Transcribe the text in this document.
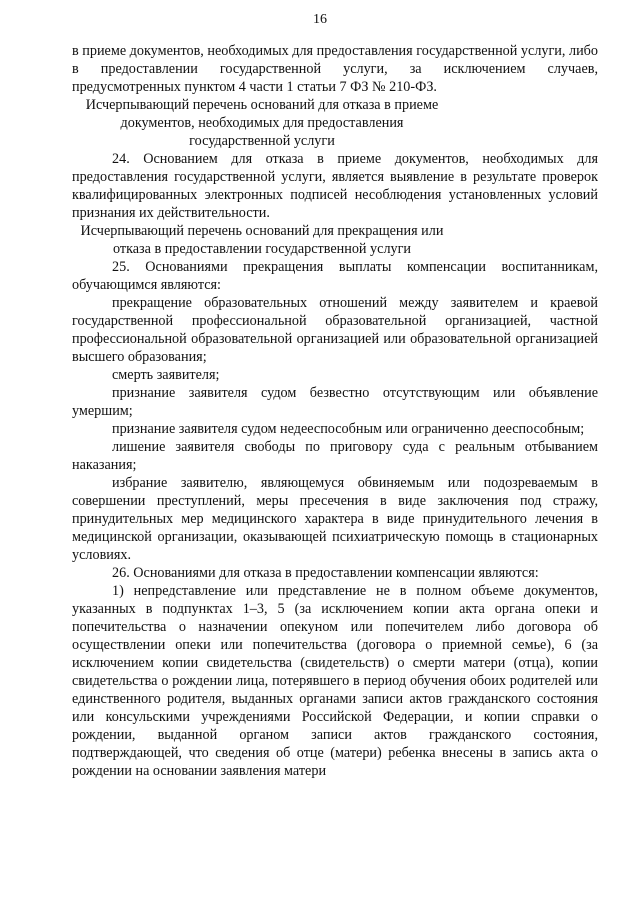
16

в приеме документов, необходимых для предоставления государственной услуги, либо в предоставлении государственной услуги, за исключением случаев, предусмотренных пунктом 4 части 1 статьи 7 ФЗ № 210-ФЗ.

Исчерпывающий перечень оснований для отказа в приеме документов, необходимых для предоставления государственной услуги

24. Основанием для отказа в приеме документов, необходимых для предоставления государственной услуги, является выявление в результате проверок квалифицированных электронных подписей несоблюдения установленных условий признания их действительности.

Исчерпывающий перечень оснований для прекращения или отказа в предоставлении государственной услуги

25. Основаниями прекращения выплаты компенсации воспитанникам, обучающимся являются:

прекращение образовательных отношений между заявителем и краевой государственной профессиональной образовательной организацией, частной профессиональной образовательной организацией или образовательной организацией высшего образования;

смерть заявителя;

признание заявителя судом безвестно отсутствующим или объявление умершим;

признание заявителя судом недееспособным или ограниченно дееспособным;

лишение заявителя свободы по приговору суда с реальным отбыванием наказания;

избрание заявителю, являющемуся обвиняемым или подозреваемым в совершении преступлений, меры пресечения в виде заключения под стражу, принудительных мер медицинского характера в виде принудительного лечения в медицинской организации, оказывающей психиатрическую помощь в стационарных условиях.

26. Основаниями для отказа в предоставлении компенсации являются:

1) непредставление или представление не в полном объеме документов, указанных в подпунктах 1–3, 5 (за исключением копии акта органа опеки и попечительства о назначении опекуном или попечителем либо договора об осуществлении опеки или попечительства (договора о приемной семье), 6 (за исключением копии свидетельства (свидетельств) о смерти матери (отца), копии свидетельства о рождении лица, потерявшего в период обучения обоих родителей или единственного родителя, выданных органами записи актов гражданского состояния или консульскими учреждениями Российской Федерации, и копии справки о рождении, выданной органом записи актов гражданского состояния, подтверждающей, что сведения об отце (матери) ребенка внесены в запись акта о рождении на основании заявления матери
